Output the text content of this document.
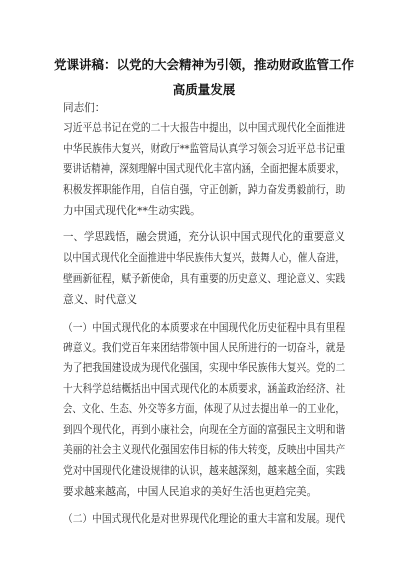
党课讲稿：以党的大会精神为引领，推动财政监管工作
高质量发展
同志们：
习近平总书记在党的二十大报告中提出，以中国式现代化全面推进
中华民族伟大复兴，财政厅**监管局认真学习领会习近平总书记重
要讲话精神，深刻理解中国式现代化丰富内涵，全面把握本质要求，
积极发挥职能作用，自信自强，守正创新，踔力奋发勇毅前行，助
力中国式现代化**生动实践。
一、学思践悟，融会贯通，充分认识中国式现代化的重要意义
以中国式现代化全面推进中华民族伟大复兴，鼓舞人心，催人奋进，
壁画新征程，赋予新使命，具有重要的历史意义、理论意义、实践
意义、时代意义
（一）中国式现代化的本质要求在中国现代化历史征程中具有里程
碑意义。我们党百年来团结带领中国人民所进行的一切奋斗，就是
为了把我国建设成为现代化强国，实现中华民族伟大复兴。党的二
十大科学总结概括出中国式现代化的本质要求，涵盖政治经济、社
会、文化、生态、外交等多方面，体现了从过去提出单一的工业化，
到四个现代化，再到小康社会，向现在全方面的富强民主文明和谐
美丽的社会主义现代化强国宏伟目标的伟大转变，反映出中国共产
党对中国现代化建设规律的认识，越来越深刻，越来越全面，实践
要求越来越高，中国人民追求的美好生活也更趋完美。
（二）中国式现代化是对世界现代化理论的重大丰富和发展。现代
